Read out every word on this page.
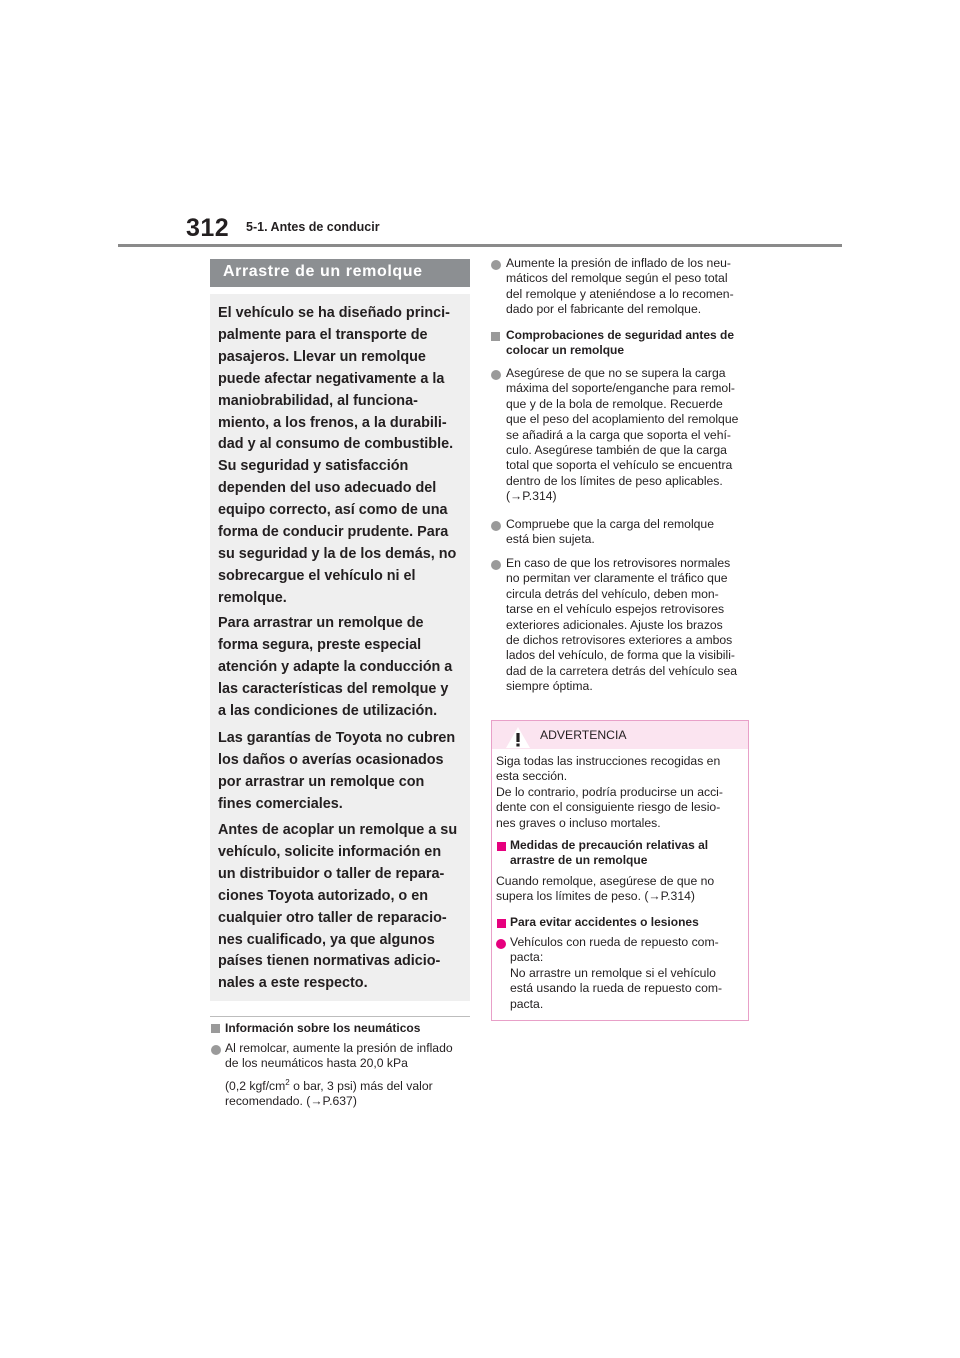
312 5-1. Antes de conducir
Arrastre de un remolque
El vehículo se ha diseñado princi-
palmente para el transporte de
pasajeros. Llevar un remolque
puede afectar negativamente a la
maniobrabilidad, al funciona-
miento, a los frenos, a la durabili-
dad y al consumo de combustible.
Su seguridad y satisfacción
dependen del uso adecuado del
equipo correcto, así como de una
forma de conducir prudente. Para
su seguridad y la de los demás, no
sobrecargue el vehículo ni el
remolque.
Para arrastrar un remolque de
forma segura, preste especial
atención y adapte la conducción a
las características del remolque y
a las condiciones de utilización.
Las garantías de Toyota no cubren
los daños o averías ocasionados
por arrastrar un remolque con
fines comerciales.
Antes de acoplar un remolque a su
vehículo, solicite información en
un distribuidor o taller de repara-
ciones Toyota autorizado, o en
cualquier otro taller de reparacio-
nes cualificado, ya que algunos
países tienen normativas adicio-
nales a este respecto.
Información sobre los neumáticos
Al remolcar, aumente la presión de inflado
de los neumáticos hasta 20,0 kPa
(0,2 kgf/$cm^2$ o bar, 3 psi) más del valor
recomendado. (→P.637)
Aumente la presión de inflado de los neu-
máticos del remolque según el peso total
del remolque y ateniéndose a lo recomen-
dado por el fabricante del remolque.
Comprobaciones de seguridad antes de
colocar un remolque
Asegúrese de que no se supera la carga
máxima del soporte/enganche para remol-
que y de la bola de remolque. Recuerde
que el peso del acoplamiento del remolque
se añadirá a la carga que soporta el vehí-
culo. Asegúrese también de que la carga
total que soporta el vehículo se encuentra
dentro de los límites de peso aplicables.
(→P.314)
Compruebe que la carga del remolque
está bien sujeta.
En caso de que los retrovisores normales
no permitan ver claramente el tráfico que
circula detrás del vehículo, deben mon-
tarse en el vehículo espejos retrovisores
exteriores adicionales. Ajuste los brazos
de dichos retrovisores exteriores a ambos
lados del vehículo, de forma que la visibili-
dad de la carretera detrás del vehículo sea
siempre óptima.
ADVERTENCIA
Siga todas las instrucciones recogidas en
esta sección.
De lo contrario, podría producirse un acci-
dente con el consiguiente riesgo de lesio-
nes graves o incluso mortales.
Medidas de precaución relativas al
arrastre de un remolque
Cuando remolque, asegúrese de que no
supera los límites de peso. (→P.314)
Para evitar accidentes o lesiones
Vehículos con rueda de repuesto com-
pacta:
No arrastre un remolque si el vehículo
está usando la rueda de repuesto com-
pacta.
